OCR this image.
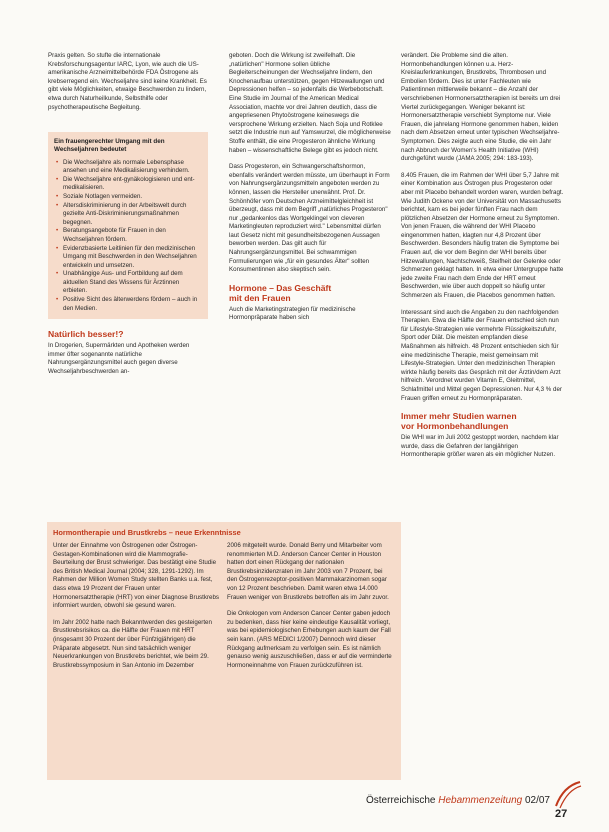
Praxis gelten. So stufte die internationale Krebsforschungsagentur IARC, Lyon, wie auch die US-amerikanische Arzneimittelbehörde FDA Östrogene als krebserregend ein. Wechseljahre sind keine Krankheit. Es gibt viele Möglichkeiten, etwaige Beschwerden zu lindern, etwa durch Naturheilkunde, Selbsthilfe oder psychotherapeutische Begleitung.

Ein frauengerechter Umgang mit den Wechseljahren bedeutet
• Die Wechseljahre als normale Lebensphase ansehen und eine Medikalisierung verhindern.
• Die Wechseljahre ent-gynäkologisieren und ent-medikalisieren.
• Soziale Notlagen vermeiden.
• Altersdiskriminierung in der Arbeitswelt durch gezielte Anti-Diskriminierungsmaßnahmen begegnen.
• Beratungsangebote für Frauen in den Wechseljahren fördern.
• Evidenzbasierte Leitlinien für den medizinischen Umgang mit Beschwerden in den Wechseljahren entwickeln und umsetzen.
• Unabhängige Aus- und Fortbildung auf dem aktuellen Stand des Wissens für Ärztinnen erbieten.
• Positive Sicht des älterwerdens fördern – auch in den Medien.
Natürlich besser!?

In Drogerien, Supermärkten und Apotheken werden immer öfter sogenannte natürliche Nahrungsergänzungsmittel auch gegen diverse Wechseljahrbeschwerden an-

geboten. Doch die Wirkung ist zweifelhaft. Die „natürlichen" Hormone sollen übliche Begleiterscheinungen der Wechseljahre lindern, den Knochenaufbau unterstützen, gegen Hitzewallungen und Depressionen helfen – so jedenfalls die Werbebotschaft. Eine Studie im Journal of the American Medical Association, machte vor drei Jahren deutlich, dass die angepriesenen Phytoöstrogene keineswegs die versprochene Wirkung erzielten. Nach Soja und Rotklee setzt die Industrie nun auf Yamswurzel, die möglicherweise Stoffe enthält, die eine Progesteron ähnliche Wirkung haben – wissenschaftliche Belege gibt es jedoch nicht.

Dass Progesteron, ein Schwangerschaftshormon, ebenfalls verändert werden müsste, um überhaupt in Form von Nahrungsergänzungsmitteln angeboten werden zu können, lassen die Hersteller unerwähnt. Prof. Dr. Schönhöfer vom Deutschen Arzneimittelgleichheit ist überzeugt, dass mit dem Begriff „natürliches Progesteron" nur „gedankenlos das Wortgeklingel von cleveren Marketingleuten reproduziert wird." Lebensmittel dürfen laut Gesetz nicht mit gesundheitsbezogenen Aussagen beworben werden. Das gilt auch für Nahrungsergänzungsmittel. Bei schwammigen Formulierungen wie „für ein gesundes Älter" sollten Konsumentinnen also skeptisch sein.

Hormone – Das Geschäft
mit den Frauen

Auch die Marketingstrategien für medizinische Hormonpräparate haben sich

verändert. Die Probleme sind die alten. Hormonbehandlungen können u.a. Herz-Kreislauferkrankungen, Brustkrebs, Thrombosen und Embolien fördern. Dies ist unter Fachleuten wie Patientinnen mittlerweile bekannt – die Anzahl der verschriebenen Hormonersatztherapien ist bereits um drei Viertel zurückgegangen. Weniger bekannt ist: Hormonersatztherapie verschiebt Symptome nur. Viele Frauen, die jahrelang Hormone genommen haben, leiden nach dem Absetzen erneut unter typischen Wechseljahre-Symptomen. Dies zeigte auch eine Studie, die ein Jahr nach Abbruch der Women's Health Initiative (WHI) durchgeführt wurde (JAMA 2005; 294: 183-193).

8.405 Frauen, die im Rahmen der WHI über 5,7 Jahre mit einer Kombination aus Östrogen plus Progesteron oder aber mit Placebo behandelt worden waren, wurden befragt. Wie Judith Ockene von der Universität von Massachusetts berichtet, kam es bei jeder fünften Frau nach dem plötzlichen Absetzen der Hormone erneut zu Symptomen. Von jenen Frauen, die während der WHI Placebo eingenommen hatten, klagten nur 4,8 Prozent über Beschwerden. Besonders häufig traten die Symptome bei Frauen auf, die vor dem Beginn der WHI bereits über Hitzewallungen, Nachtschweiß, Steifheit der Gelenke oder Schmerzen geklagt hatten. In etwa einer Untergruppe hatte jede zweite Frau nach dem Ende der HRT erneut Beschwerden, wie über auch doppelt so häufig unter Schmerzen als Frauen, die Placebos genommen hatten.

Interessant sind auch die Angaben zu den nachfolgenden Therapien. Etwa die Hälfte der Frauen entschied sich nun für Lifestyle-Strategien wie vermehrte Flüssigkeitszufuhr, Sport oder Diät. Die meisten empfanden diese Maßnahmen als hilfreich. 48 Prozent entschieden sich für eine medizinische Therapie, meist gemeinsam mit Lifestyle-Strategien. Unter den medizinischen Therapien wirkte häufig bereits das Gespräch mit der Ärztin/dem Arzt hilfreich. Verordnet wurden Vitamin E, Gleitmittel, Schlafmittel und Mittel gegen Depressionen. Nur 4,3 % der Frauen griffen erneut zu Hormonpräparaten.

Immer mehr Studien warnen
vor Hormonbehandlungen

Die WHI war im Juli 2002 gestoppt worden, nachdem klar wurde, dass die Gefahren der langjährigen Hormontherapie größer waren als ein möglicher Nutzen.

Hormontherapie und Brustkrebs – neue Erkenntnisse

Unter der Einnahme von Östrogenen oder Östrogen-Gestagen-Kombinationen wird die Mammografie-Beurteilung der Brust schwieriger. Das bestätigt eine Studie des British Medical Journal (2004; 328, 1291-1292). Im Rahmen der Million Women Study stellten Banks u.a. fest, dass etwa 19 Prozent der Frauen unter Hormonersatztherapie (HRT) von einer Diagnose Brustkrebs informiert wurden, obwohl sie gesund waren.

Im Jahr 2002 hatte nach Bekanntwerden des gesteigerten Brustkrebsrisikos ca. die Hälfte der Frauen mit HRT (insgesamt 30 Prozent der über Fünfzigjährigen) die Präparate abgesetzt. Nun sind tatsächlich weniger Neuerkrankungen von Brustkrebs berichtet, wie beim 29. Brustkrebssymposium in San Antonio im Dezember

2006 mitgeteilt wurde. Donald Berry und Mitarbeiter vom renommierten M.D. Anderson Cancer Center in Houston hatten dort einen Rückgang der nationalen Brustkrebsinzidenzraten im Jahr 2003 von 7 Prozent, bei den Östrogenrezeptor-positiven Mammakarzinomen sogar von 12 Prozent beschrieben. Damit waren etwa 14.000 Frauen weniger von Brustkrebs betroffen als im Jahr zuvor.

Die Onkologen vom Anderson Cancer Center gaben jedoch zu bedenken, dass hier keine eindeutige Kausalität vorliegt, was bei epidemiologischen Erhebungen auch kaum der Fall sein kann. (ARS MEDICI 1/2007) Dennoch wird dieser Rückgang aufmerksam zu verfolgen sein. Es ist nämlich genauso wenig auszuschließen, dass er auf die verminderte Hormoneinnahme von Frauen zurückzuführen ist.

Österreichische Hebammenzeitung 02/07
27
